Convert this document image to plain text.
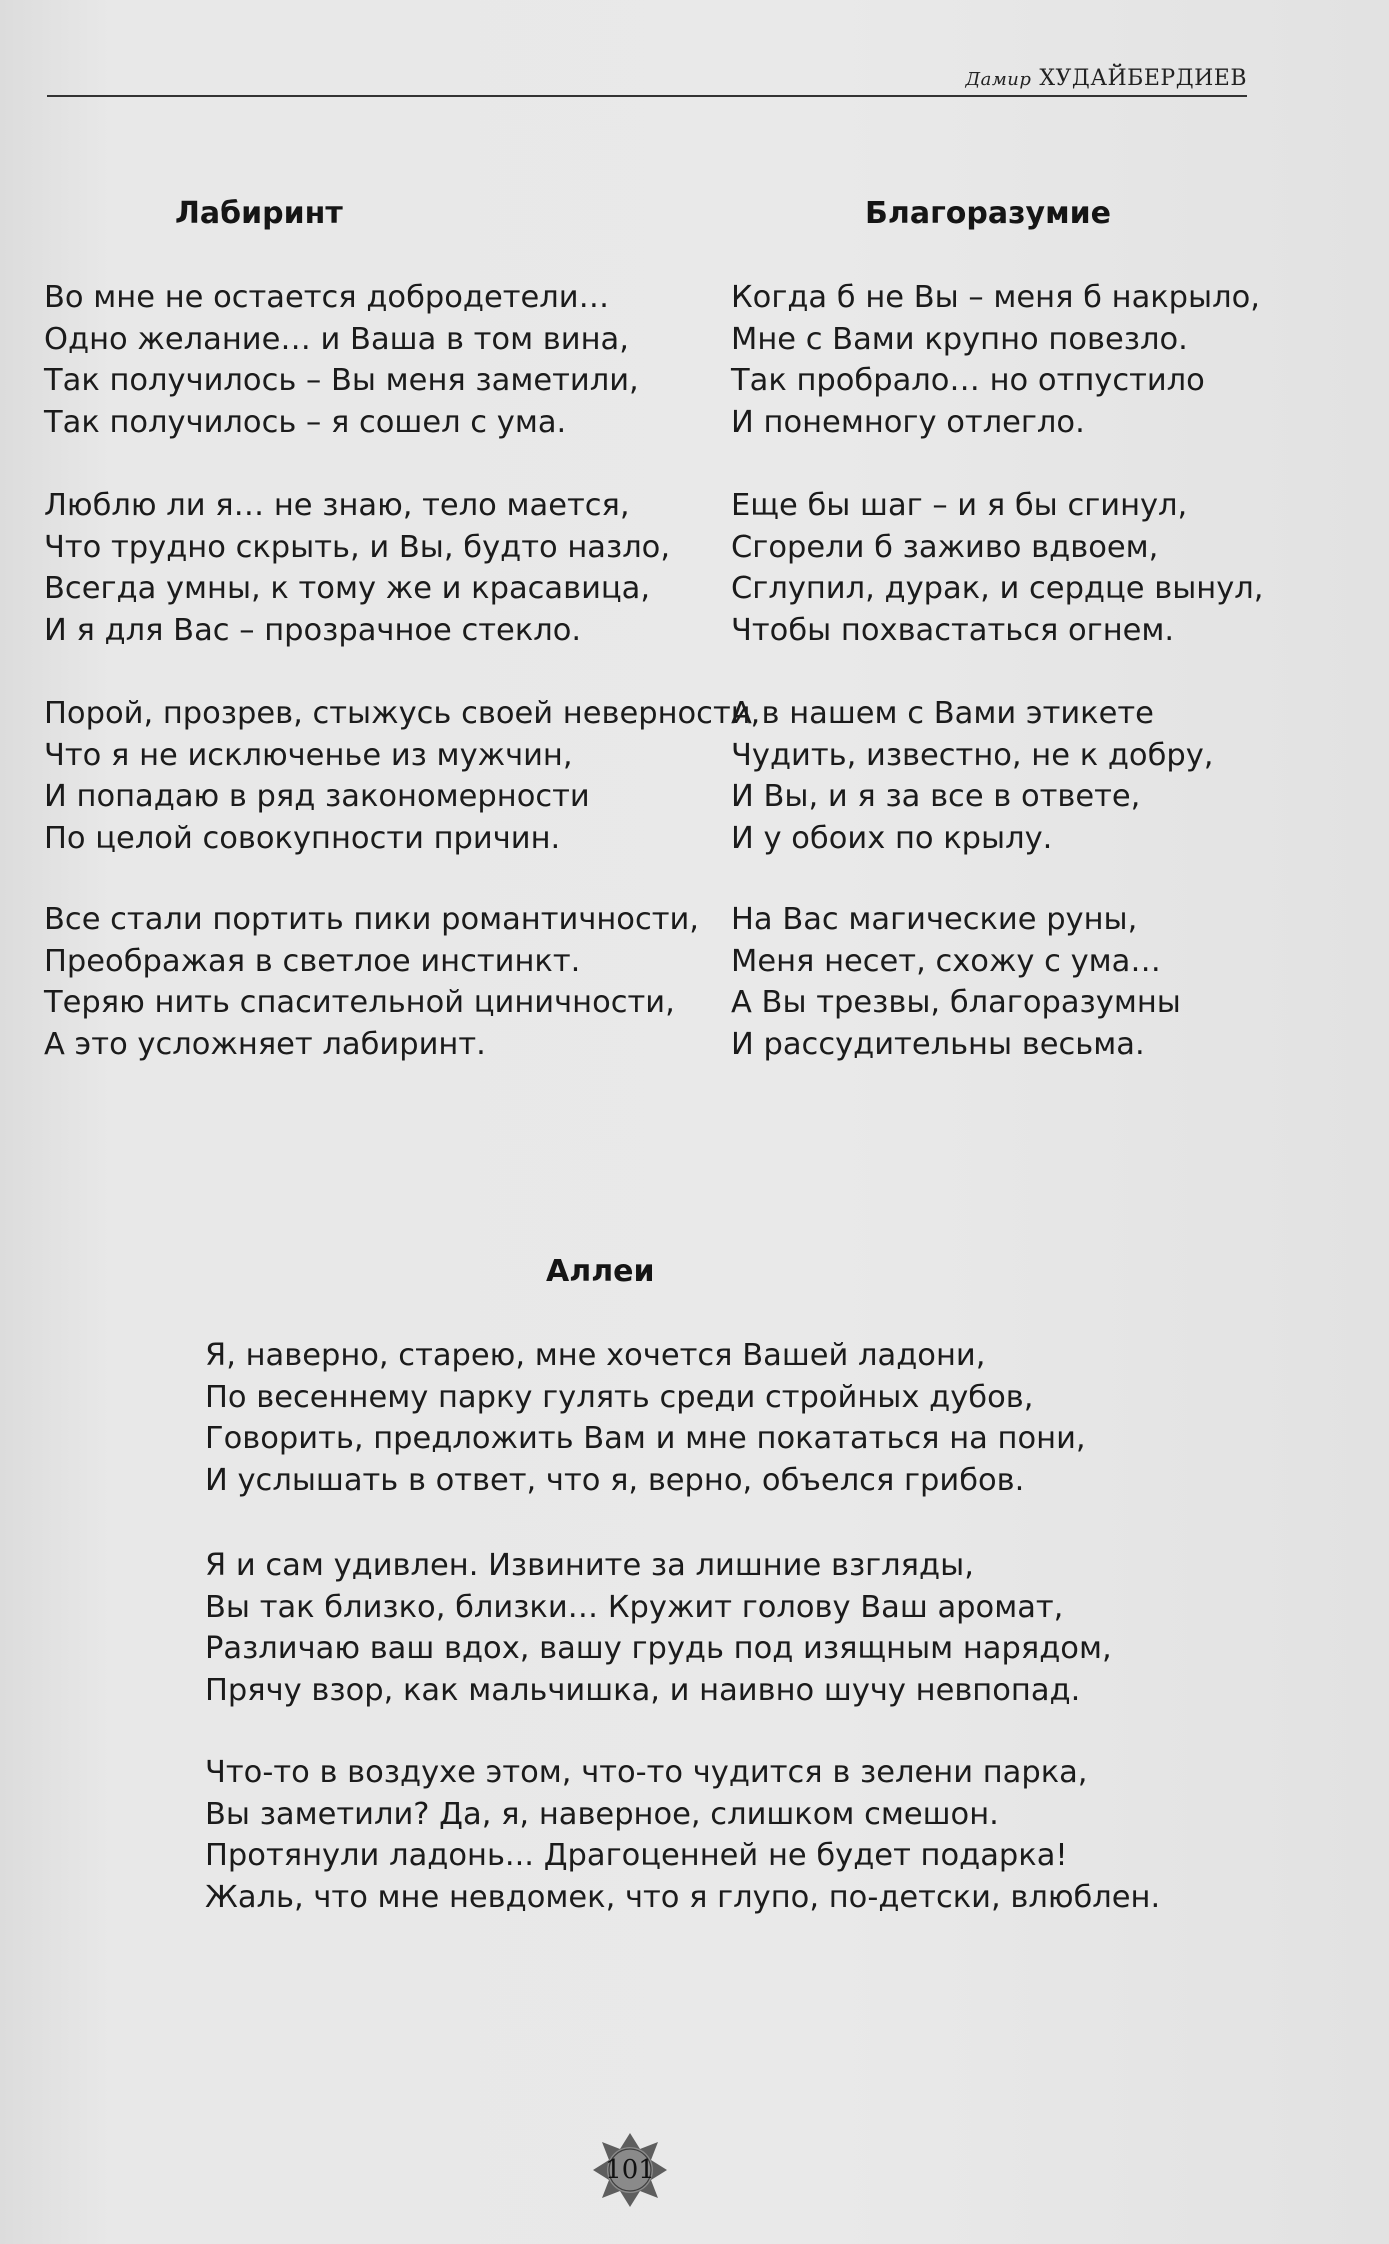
Дамир ХУДАЙБЕРДИЕВ
Лабиринт
Во мне не остается добродетели…
Одно желание… и Ваша в том вина,
Так получилось – Вы меня заметили,
Так получилось – я сошел с ума.
Люблю ли я… не знаю, тело мается,
Что трудно скрыть, и Вы, будто назло,
Всегда умны, к тому же и красавица,
И я для Вас – прозрачное стекло.
Порой, прозрев, стыжусь своей неверности,
Что я не исключенье из мужчин,
И попадаю в ряд закономерности
По целой совокупности причин.
Все стали портить пики романтичности,
Преображая в светлое инстинкт.
Теряю нить спасительной циничности,
А это усложняет лабиринт.
Благоразумие
Когда б не Вы – меня б накрыло,
Мне с Вами крупно повезло.
Так пробрало… но отпустило
И понемногу отлегло.
Еще бы шаг – и я бы сгинул,
Сгорели б заживо вдвоем,
Сглупил, дурак, и сердце вынул,
Чтобы похвастаться огнем.
А в нашем с Вами этикете
Чудить, известно, не к добру,
И Вы, и я за все в ответе,
И у обоих по крылу.
На Вас магические руны,
Меня несет, схожу с ума…
А Вы трезвы, благоразумны
И рассудительны весьма.
Аллеи
Я, наверно, старею, мне хочется Вашей ладони,
По весеннему парку гулять среди стройных дубов,
Говорить, предложить Вам и мне покататься на пони,
И услышать в ответ, что я, верно, объелся грибов.
Я и сам удивлен. Извините за лишние взгляды,
Вы так близко, близки… Кружит голову Ваш аромат,
Различаю ваш вдох, вашу грудь под изящным нарядом,
Прячу взор, как мальчишка, и наивно шучу невпопад.
Что-то в воздухе этом, что-то чудится в зелени парка,
Вы заметили? Да, я, наверное, слишком смешон.
Протянули ладонь... Драгоценней не будет подарка!
Жаль, что мне невдомек, что я глупо, по-детски, влюблен.
101
